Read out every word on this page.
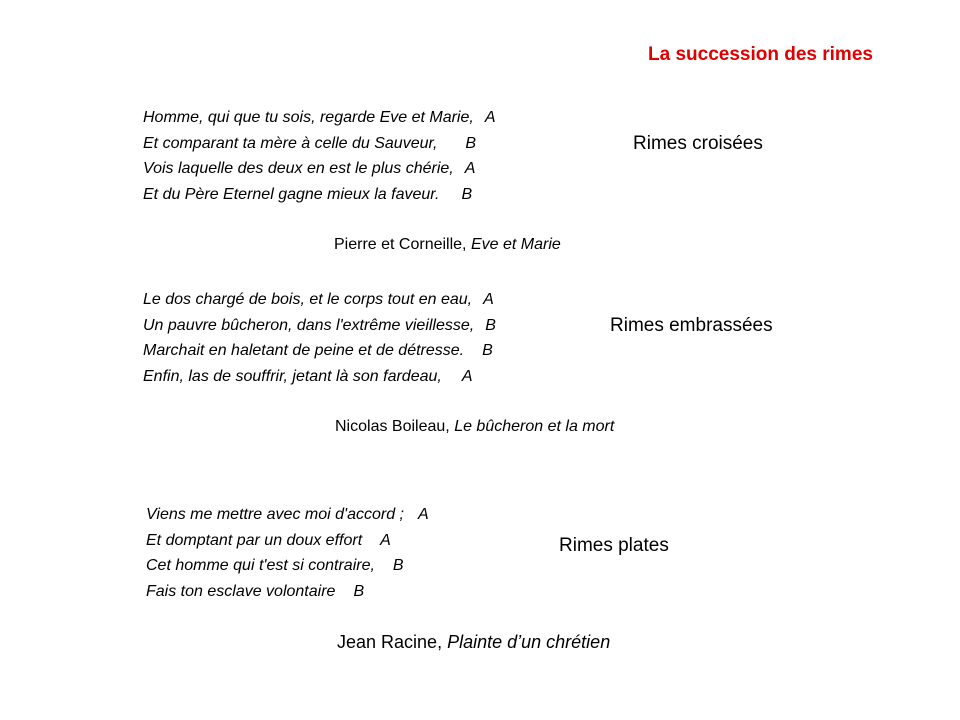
La succession des rimes
Homme, qui que tu sois, regarde Eve et Marie, A
Et comparant ta mère à celle du Sauveur, B
Vois laquelle des deux en est le plus chérie, A
Et du Père Eternel gagne mieux la faveur. B
Rimes croisées
Pierre et Corneille, Eve et Marie
Le dos chargé de bois, et le corps tout en eau, A
Un pauvre bûcheron, dans l'extrême vieillesse, B
Marchait en haletant de peine et de détresse. B
Enfin, las de souffrir, jetant là son fardeau, A
Rimes embrassées
Nicolas Boileau, Le bûcheron et la mort
Viens me mettre avec moi d'accord ; A
Et domptant par un doux effort A
Cet homme qui t'est si contraire, B
Fais ton esclave volontaire B
Rimes plates
Jean Racine, Plainte d’un chrétien
